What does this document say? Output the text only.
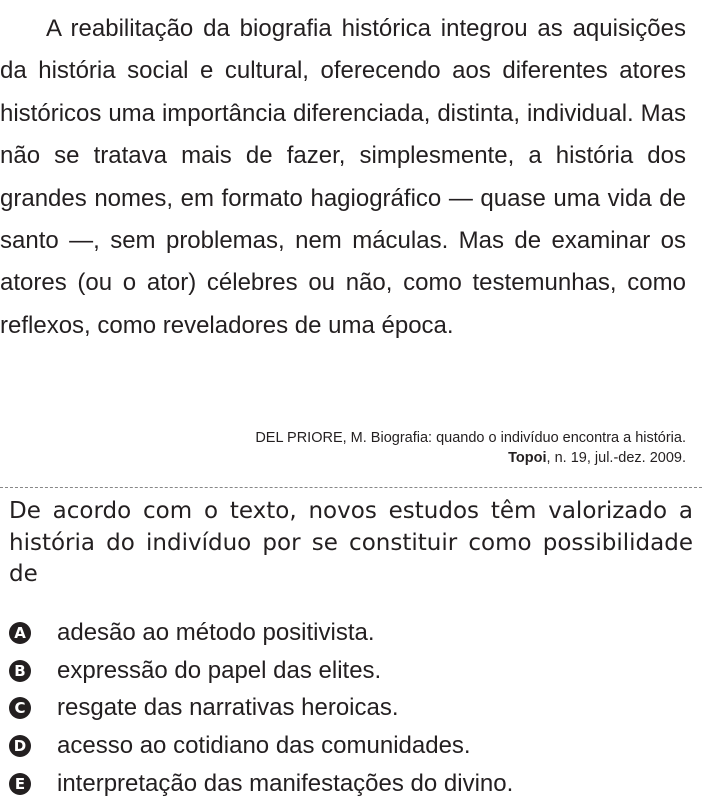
A reabilitação da biografia histórica integrou as aquisições da história social e cultural, oferecendo aos diferentes atores históricos uma importância diferenciada, distinta, individual. Mas não se tratava mais de fazer, simplesmente, a história dos grandes nomes, em formato hagiográfico — quase uma vida de santo —, sem problemas, nem máculas. Mas de examinar os atores (ou o ator) célebres ou não, como testemunhas, como reflexos, como reveladores de uma época.

DEL PRIORE, M. Biografia: quando o indivíduo encontra a história.
Topoi, n. 19, jul.-dez. 2009.

De acordo com o texto, novos estudos têm valorizado a história do indivíduo por se constituir como possibilidade de

A adesão ao método positivista.
B expressão do papel das elites.
C resgate das narrativas heroicas.
D acesso ao cotidiano das comunidades.
E interpretação das manifestações do divino.
